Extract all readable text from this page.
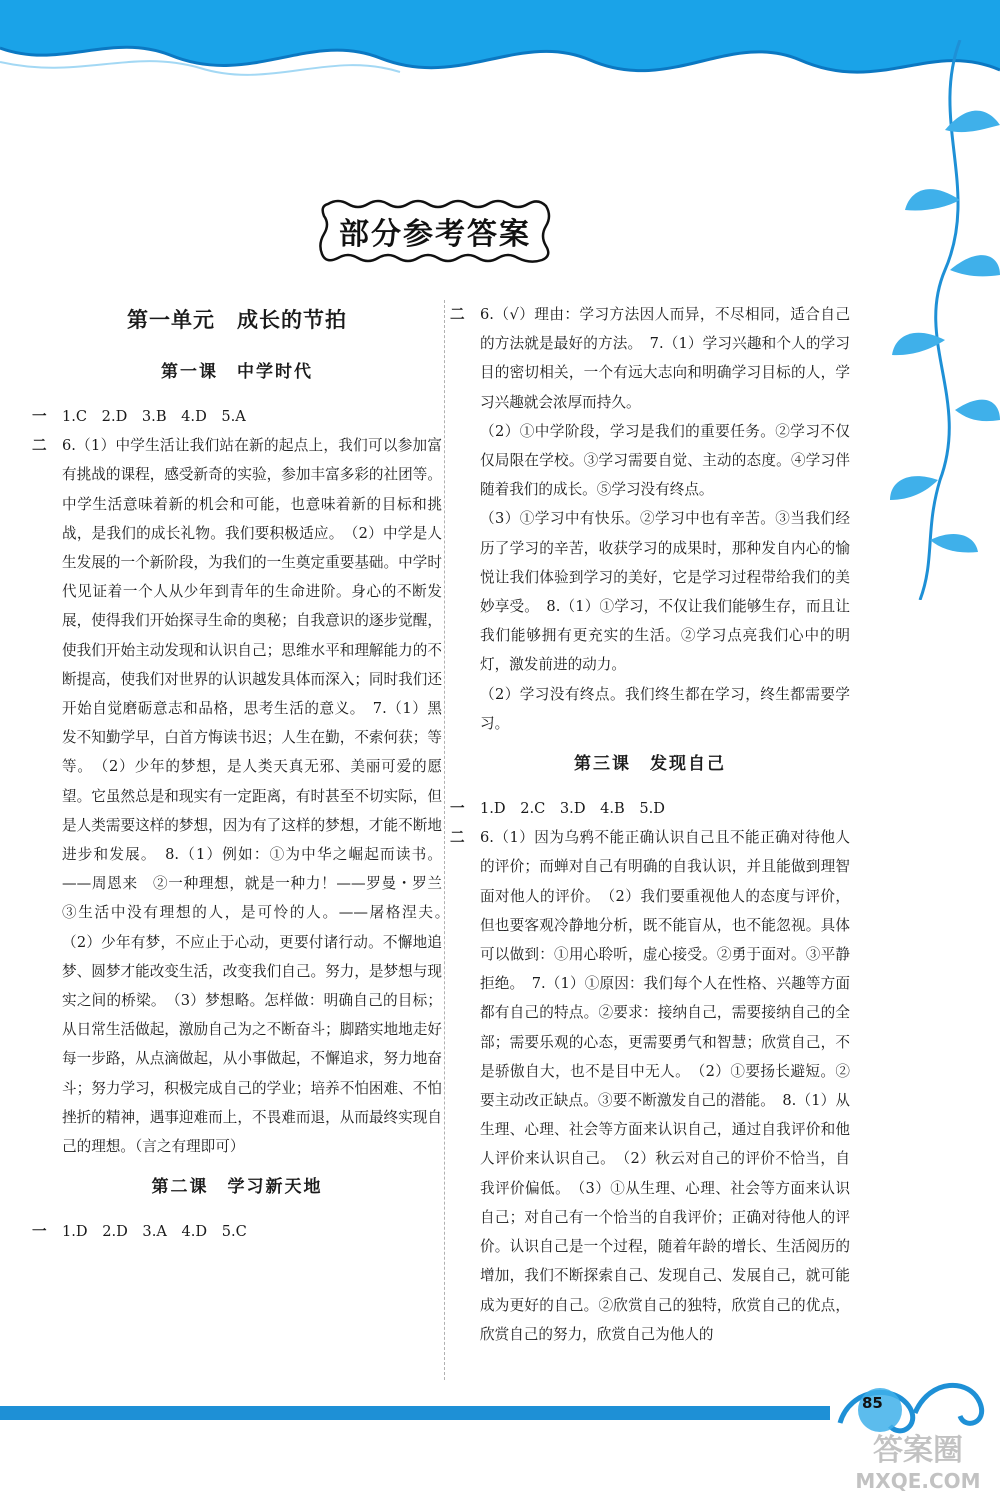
部分参考答案
第一单元　成长的节拍
第一课　中学时代
一 1.C　2.D　3.B　4.D　5.A
二 6.（1）中学生活让我们站在新的起点上，我们可以参加富有挑战的课程，感受新奇的实验，参加丰富多彩的社团等。中学生活意味着新的机会和可能，也意味着新的目标和挑战，是我们的成长礼物。我们要积极适应。　（2）中学是人生发展的一个新阶段，为我们的一生奠定重要基础。中学时代见证着一个人从少年到青年的生命进阶。身心的不断发展，使得我们开始探寻生命的奥秘；自我意识的逐步觉醒，使我们开始主动发现和认识自己；思维水平和理解能力的不断提高，使我们对世界的认识越发具体而深入；同时我们还开始自觉磨砺意志和品格，思考生活的意义。　7.（1）黑发不知勤学早，白首方悔读书迟；人生在勤，不索何获；等等。　（2）少年的梦想，是人类天真无邪、美丽可爱的愿望。它虽然总是和现实有一定距离，有时甚至不切实际，但是人类需要这样的梦想，因为有了这样的梦想，才能不断地进步和发展。　8.（1）例如：①为中华之崛起而读书。——周恩来　②一种理想，就是一种力！——罗曼・罗兰　③生活中没有理想的人，是可怜的人。——屠格涅夫。　（2）少年有梦，不应止于心动，更要付诸行动。不懈地追梦、圆梦才能改变生活，改变我们自己。努力，是梦想与现实之间的桥梁。　（3）梦想略。怎样做：明确自己的目标；从日常生活做起，激励自己为之不断奋斗；脚踏实地地走好每一步路，从点滴做起，从小事做起，不懈追求，努力地奋斗；努力学习，积极完成自己的学业；培养不怕困难、不怕挫折的精神，遇事迎难而上，不畏难而退，从而最终实现自己的理想。（言之有理即可）
第二课　学习新天地
一 1.D　2.D　3.A　4.D　5.C
二 6.（√）理由：学习方法因人而异，不尽相同，适合自己的方法就是最好的方法。　7.（1）学习兴趣和个人的学习目的密切相关，一个有远大志向和明确学习目标的人，学习兴趣就会浓厚而持久。
（2）①中学阶段，学习是我们的重要任务。②学习不仅仅局限在学校。③学习需要自觉、主动的态度。④学习伴随着我们的成长。⑤学习没有终点。
（3）①学习中有快乐。②学习中也有辛苦。③当我们经历了学习的辛苦，收获学习的成果时，那种发自内心的愉悦让我们体验到学习的美好，它是学习过程带给我们的美妙享受。　8.（1）①学习，不仅让我们能够生存，而且让我们能够拥有更充实的生活。②学习点亮我们心中的明灯，激发前进的动力。
（2）学习没有终点。我们终生都在学习，终生都需要学习。
第三课　发现自己
一 1.D　2.C　3.D　4.B　5.D
二 6.（1）因为乌鸦不能正确认识自己且不能正确对待他人的评价；而蝉对自己有明确的自我认识，并且能做到理智面对他人的评价。　（2）我们要重视他人的态度与评价，但也要客观冷静地分析，既不能盲从，也不能忽视。具体可以做到：①用心聆听，虚心接受。②勇于面对。③平静拒绝。　7.（1）①原因：我们每个人在性格、兴趣等方面都有自己的特点。②要求：接纳自己，需要接纳自己的全部；需要乐观的心态，更需要勇气和智慧；欣赏自己，不是骄傲自大，也不是目中无人。　（2）①要扬长避短。②要主动改正缺点。③要不断激发自己的潜能。　8.（1）从生理、心理、社会等方面来认识自己，通过自我评价和他人评价来认识自己。　（2）秋云对自己的评价不恰当，自我评价偏低。　（3）①从生理、心理、社会等方面来认识自己；对自己有一个恰当的自我评价；正确对待他人的评价。认识自己是一个过程，随着年龄的增长、生活阅历的增加，我们不断探索自己、发现自己、发展自己，就可能成为更好的自己。②欣赏自己的独特，欣赏自己的优点，欣赏自己的努力，欣赏自己为他人的
85
答案圈
MXQE.COM
